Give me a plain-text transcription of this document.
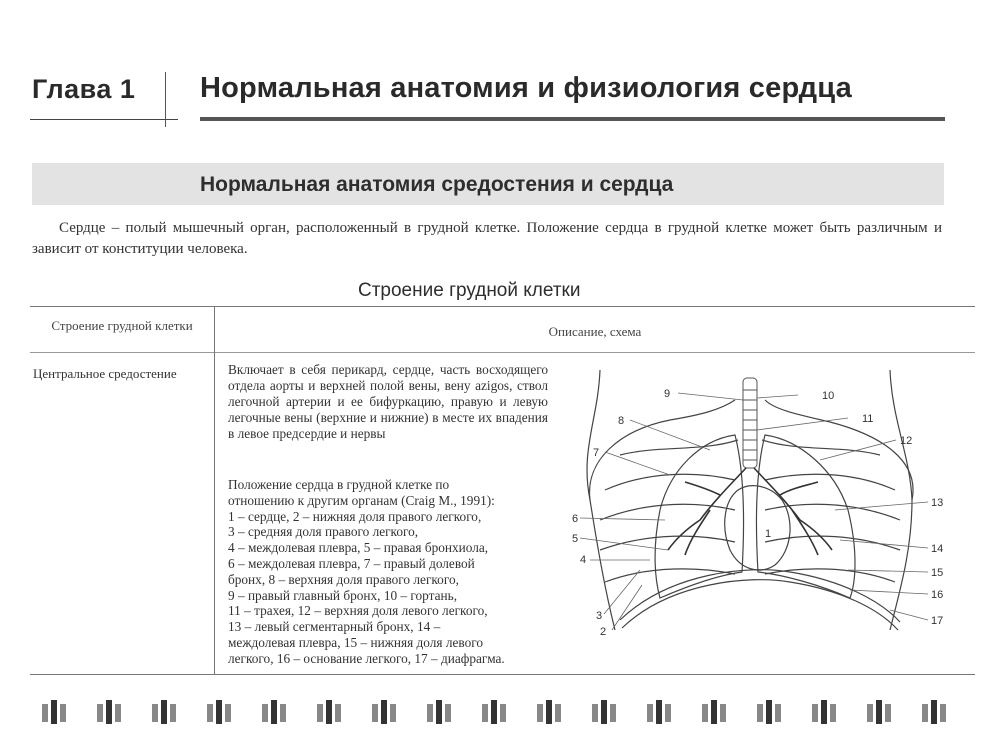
Глава 1 Нормальная анатомия и физиология сердца
Нормальная анатомия средостения и сердца
Сердце – полый мышечный орган, расположенный в грудной клетке. Положение сердца в грудной клетке может быть различным и зависит от конституции человека.
Строение грудной клетки
Строение грудной клетки	Описание, схема
Центральное средостение	Включает в себя перикард, сердце, часть восходящего отдела аорты и верхней полой вены, вену azigos, ствол легочной артерии и ее бифуркацию, правую и левую легочные вены (верхние и нижние) в месте их впадения в левое предсердие и нервы
Положение сердца в грудной клетке по
отношению к другим органам (Craig M., 1991):
1 – сердце, 2 – нижняя доля правого легкого,
3 – средняя доля правого легкого,
4 – междолевая плевра, 5 – правая бронхиола,
6 – междолевая плевра, 7 – правый долевой
бронх, 8 – верхняя доля правого легкого,
9 – правый главный бронх, 10 – гортань,
11 – трахея, 12 – верхняя доля левого легкого,
13 – левый сегментарный бронх, 14 –
междолевая плевра, 15 – нижняя доля левого
легкого, 16 – основание легкого, 17 – диафрагма.
1
2
3
4
5
6
7
8
9	10
11
12
13
14
15
16
17
